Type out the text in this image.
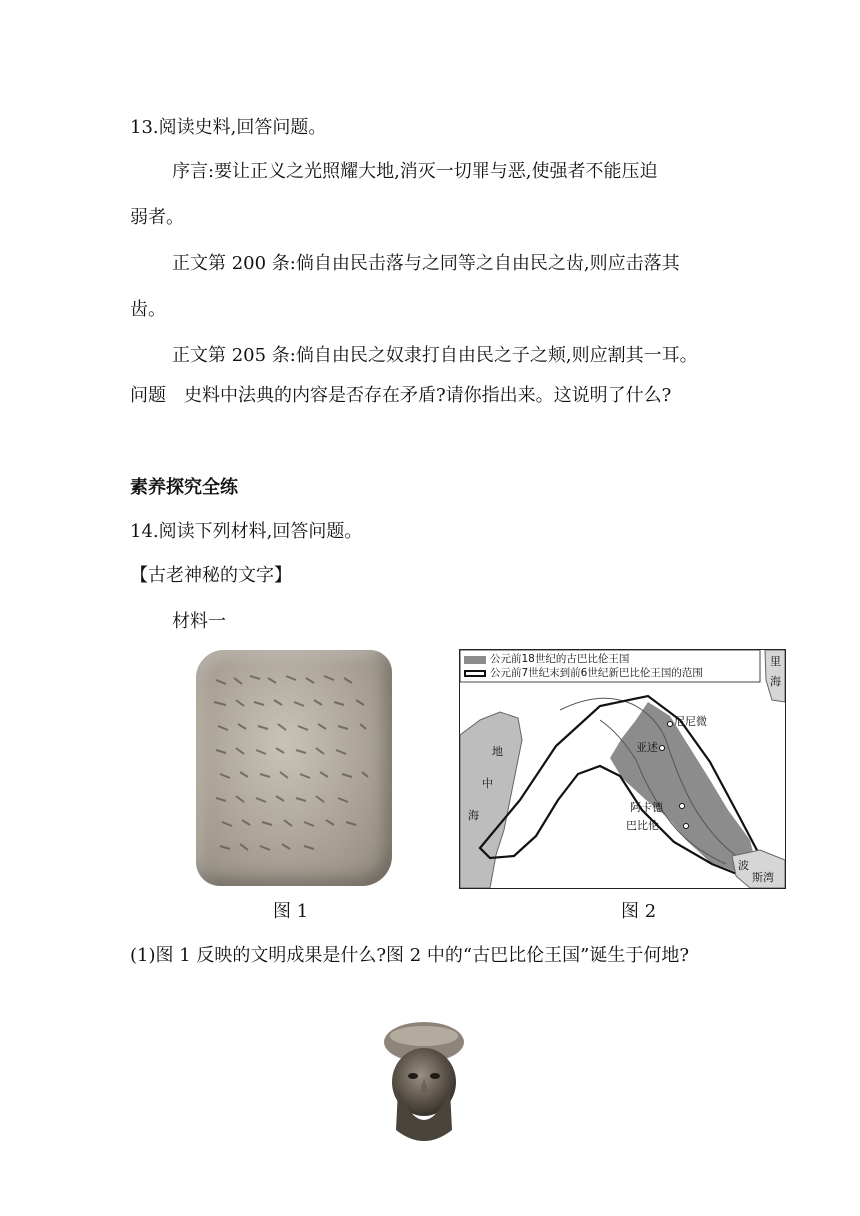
13.阅读史料,回答问题。
序言:要让正义之光照耀大地,消灭一切罪与恶,使强者不能压迫
弱者。
正文第 200 条:倘自由民击落与之同等之自由民之齿,则应击落其
齿。
正文第 205 条:倘自由民之奴隶打自由民之子之颊,则应割其一耳。
问题　史料中法典的内容是否存在矛盾?请你指出来。这说明了什么?
素养探究全练
14.阅读下列材料,回答问题。
【古老神秘的文字】
材料一
公元前18世纪的古巴比伦王国
公元前7世纪末到前6世纪新巴比伦王国的范围
尼尼微
亚述
阿卡德
巴比伦
地
中
海
里
海
波
斯湾
图 1	图 2
(1)图 1 反映的文明成果是什么?图 2 中的“古巴比伦王国”诞生于何地?
